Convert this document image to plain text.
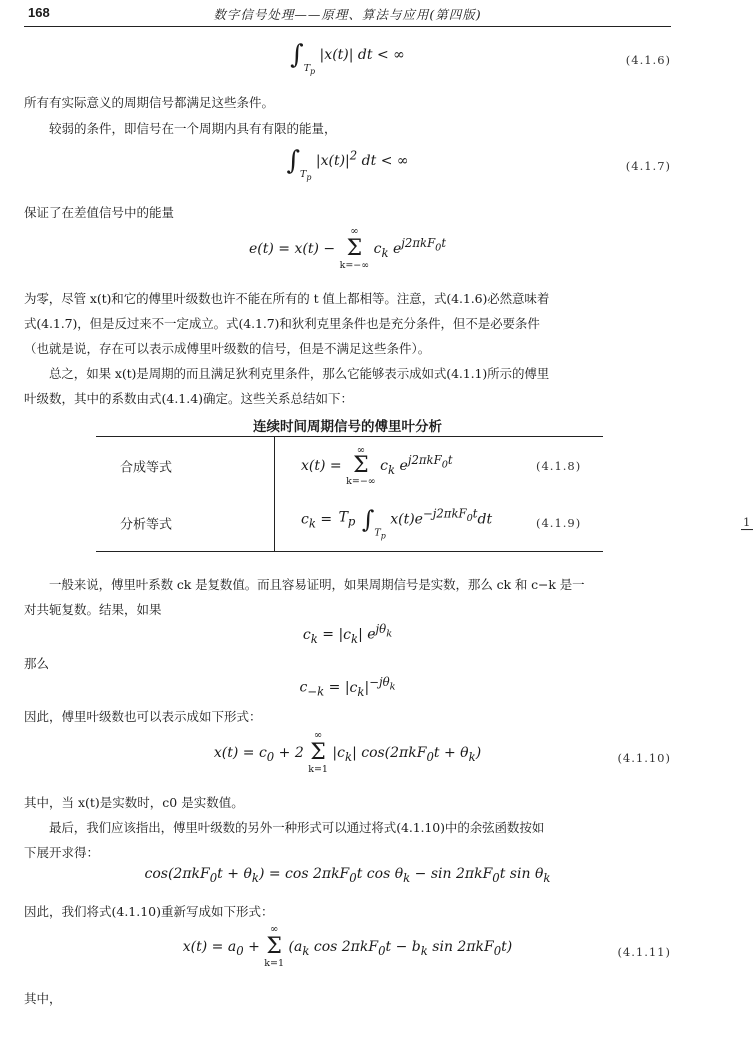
168	数字信号处理——原理、算法与应用(第四版)
$\int_{T_p}$ |x(t)| dt < ∞	(4.1.6)
所有有实际意义的周期信号都满足这些条件。
较弱的条件，即信号在一个周期内具有有限的能量，
$\int_{T_p}$ $|x(t)|^2$ dt < ∞	(4.1.7)
保证了在差值信号中的能量
e(t) = x(t) −
∞
Σ
k=−∞
$c_k$ $e^{j2\pi kF_0t}$
为零，尽管 x(t)和它的傅里叶级数也许不能在所有的 t 值上都相等。注意，式(4.1.6)必然意味着
式(4.1.7)，但是反过来不一定成立。式(4.1.7)和狄利克里条件也是充分条件，但不是必要条件
（也就是说，存在可以表示成傅里叶级数的信号，但是不满足这些条件）。
总之，如果 x(t)是周期的而且满足狄利克里条件，那么它能够表示成如式(4.1.1)所示的傅里
叶级数，其中的系数由式(4.1.4)确定。这些关系总结如下：
连续时间周期信号的傅里叶分析
合成等式	x(t) =
∞
Σ
k=−∞
$c_k$ $e^{j2\pi kF_0t}$	(4.1.8)
分析等式	$c_k$ =	1
$T_p$ $\int_{T_p}$ $x(t)e^{-j2\pi kF_0t}dt$	(4.1.9)
一般来说，傅里叶系数 ck 是复数值。而且容易证明，如果周期信号是实数，那么 ck 和 c−k 是一
对共轭复数。结果，如果
$c_k = |c_k|$ $e^{j\theta_k}$
那么
$c_{-k} = |c_k|^{-j\theta_k}$
因此，傅里叶级数也可以表示成如下形式：
$x(t) = c_0 + 2$
∞
Σ
k=1
$|c_k|$ $\cos(2\pi kF_0t + \theta_k)$	(4.1.10)
其中，当 x(t)是实数时，c0 是实数值。
最后，我们应该指出，傅里叶级数的另外一种形式可以通过将式(4.1.10)中的余弦函数按如
下展开求得：
$\cos(2\pi kF_0t + \theta_k) = \cos 2\pi kF_0t$ $\cos \theta_k - \sin 2\pi kF_0t$ $\sin \theta_k$
因此，我们将式(4.1.10)重新写成如下形式：
$x(t) = a_0$ +
∞
Σ
k=1
($a_k$ $\cos 2\pi kF_0t - b_k$ sin 2πkF$_0$t)	(4.1.11)
其中，
